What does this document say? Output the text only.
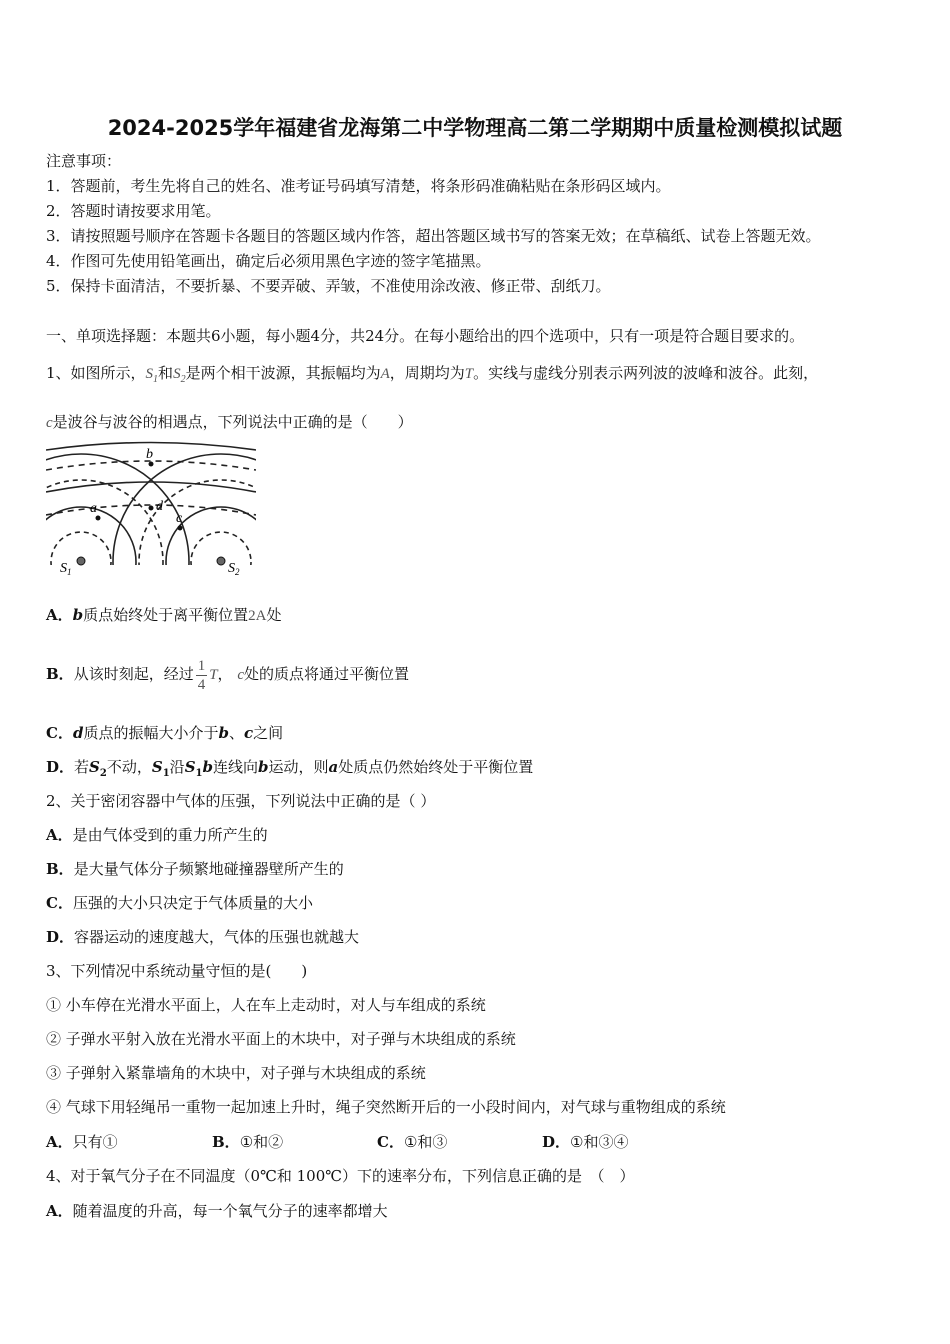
2024-2025学年福建省龙海第二中学物理高二第二学期期中质量检测模拟试题
注意事项：
1．答题前，考生先将自己的姓名、准考证号码填写清楚，将条形码准确粘贴在条形码区域内。
2．答题时请按要求用笔。
3．请按照题号顺序在答题卡各题目的答题区域内作答，超出答题区域书写的答案无效；在草稿纸、试卷上答题无效。
4．作图可先使用铅笔画出，确定后必须用黑色字迹的签字笔描黑。
5．保持卡面清洁，不要折暴、不要弄破、弄皱，不准使用涂改液、修正带、刮纸刀。
一、单项选择题：本题共6小题，每小题4分，共24分。在每小题给出的四个选项中，只有一项是符合题目要求的。
1、如图所示，$S_1$和$S_2$是两个相干波源，其振幅均为A，周期均为T。实线与虚线分别表示两列波的波峰和波谷。此刻，
c是波谷与波谷的相遇点，下列说法中正确的是（　　）
b
a	d
c
$S_1$	$S_2$
A．b质点始终处于离平衡位置2A处
B．从该时刻起，经过 $\frac{1}{4}$ T， c处的质点将通过平衡位置
C．d质点的振幅大小介于b、c之间
D．若$S_2$不动，$S_1$沿$S_1b$连线向b运动，则a处质点仍然始终处于平衡位置
2、关于密闭容器中气体的压强，下列说法中正确的是（ ）
A．是由气体受到的重力所产生的
B．是大量气体分子频繁地碰撞器壁所产生的
C．压强的大小只决定于气体质量的大小
D．容器运动的速度越大，气体的压强也就越大
3、下列情况中系统动量守恒的是(　　)
① 小车停在光滑水平面上，人在车上走动时，对人与车组成的系统
② 子弹水平射入放在光滑水平面上的木块中，对子弹与木块组成的系统
③ 子弹射入紧靠墙角的木块中，对子弹与木块组成的系统
④ 气球下用轻绳吊一重物一起加速上升时，绳子突然断开后的一小段时间内，对气球与重物组成的系统
A．只有①	B．①和②	C．①和③	D．①和③④
4、对于氧气分子在不同温度（0℃和 100℃）下的速率分布，下列信息正确的是　（　）
A．随着温度的升高，每一个氧气分子的速率都增大
